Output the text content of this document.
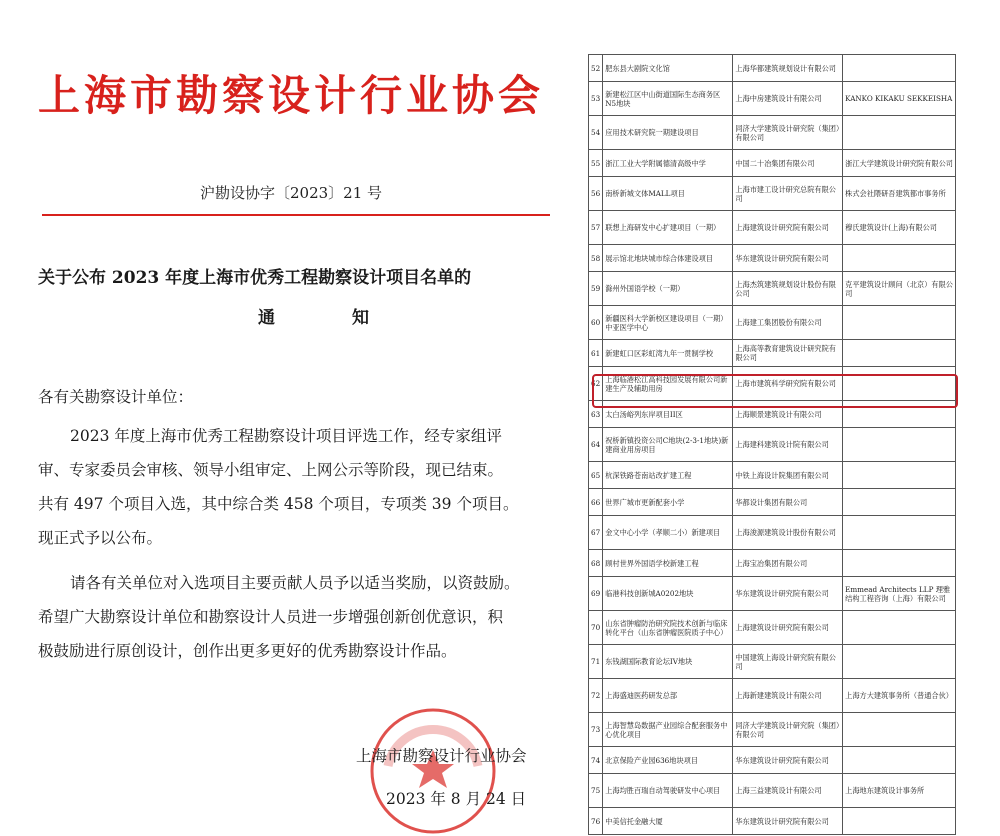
上海市勘察设计行业协会
沪勘设协字〔2023〕21 号
关于公布 2023 年度上海市优秀工程勘察设计项目名单的
通　知
各有关勘察设计单位：
2023 年度上海市优秀工程勘察设计项目评选工作，经专家组评
审、专家委员会审核、领导小组审定、上网公示等阶段，现已结束。
共有 497 个项目入选，其中综合类 458 个项目，专项类 39 个项目。
现正式予以公布。
请各有关单位对入选项目主要贡献人员予以适当奖励，以资鼓励。
希望广大勘察设计单位和勘察设计人员进一步增强创新创优意识，积
极鼓励进行原创设计，创作出更多更好的优秀勘察设计作品。
上海市勘察设计行业协会
2023 年 8 月 24 日
52	肥东县大剧院文化馆	上海华都建筑规划设计有限公司	
53	新建松江区中山街道国际生态商务区N5地块	上海中房建筑设计有限公司	KANKO KIKAKU SEKKEISHA
54	应用技术研究院一期建设项目	同济大学建筑设计研究院（集团）有限公司	
55	浙江工业大学附属德清高级中学	中国二十冶集团有限公司	浙江大学建筑设计研究院有限公司
56	南桥新城文体MALL项目	上海市建工设计研究总院有限公司	株式会社隈研吾建筑都市事务所
57	联想上海研发中心扩建项目（一期）	上海建筑设计研究院有限公司	穆氏建筑设计(上海)有限公司
58	展示馆北地块城市综合体建设项目	华东建筑设计研究院有限公司	
59	滁州外国语学校（一期）	上海杰筑建筑规划设计股份有限公司	克平建筑设计顾问（北京）有限公司
60	新疆医科大学新校区建设项目（一期）中亚医学中心	上海建工集团股份有限公司	
61	新建虹口区彩虹湾九年一贯制学校	上海高等教育建筑设计研究院有限公司	
62	上海临港松江高科技园发展有限公司新建生产及辅助用房	上海市建筑科学研究院有限公司	
63	太白汤峪列东岸项目II区	上海顺景建筑设计有限公司	
64	祝桥新镇投资公司C地块(2-3-1地块)新建商业用房项目	上海建科建筑设计院有限公司	
65	杭深铁路苍南站改扩建工程	中铁上海设计院集团有限公司	
66	世界广城市更新配套小学	华都设计集团有限公司	
67	金文中心小学（孝顺二小）新建项目	上海浚源建筑设计股份有限公司	
68	顾村世界外国语学校新建工程	上海宝冶集团有限公司	
69	临港科技创新城A0202地块	华东建筑设计研究院有限公司	Emmead Architects LLP 理雅结构工程咨询（上海）有限公司
70	山东省肿瘤防治研究院技术创新与临床转化平台（山东省肿瘤医院质子中心）	上海建筑设计研究院有限公司	
71	东钱湖国际教育论坛IV地块	中国建筑上海设计研究院有限公司	
72	上海盛迪医药研发总部	上海新建建筑设计有限公司	上海方大建筑事务所（普通合伙）
73	上海智慧岛数据产业园综合配套服务中心优化项目	同济大学建筑设计研究院（集团）有限公司	
74	北京保险产业园636地块项目	华东建筑设计研究院有限公司	
75	上海均胜百瑞自动驾驶研发中心项目	上海三益建筑设计有限公司	上海地东建筑设计事务所
76	中美信托金融大厦	华东建筑设计研究院有限公司	
